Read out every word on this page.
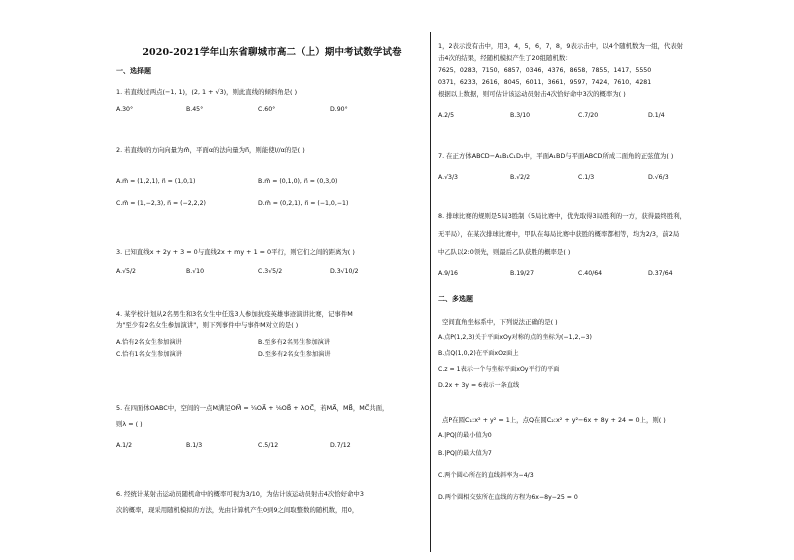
2020-2021学年山东省聊城市高二（上）期中考试数学试卷
一、选择题
1. 若直线过两点(−1, 1)，(2, 1 + √3)，则此直线的倾斜角是( )
A.30°	B.45°	C.60°	D.90°
2. 若直线l的方向向量为m⃗，平面α的法向量为n⃗，则能使l//α的是( )
A.m⃗ = (1,2,1), n⃗ = (1,0,1)	B.m⃗ = (0,1,0), n⃗ = (0,3,0)
C.m⃗ = (1,−2,3), n⃗ = (−2,2,2)	D.m⃗ = (0,2,1), n⃗ = (−1,0,−1)
3. 已知直线x + 2y + 3 = 0与直线2x + my + 1 = 0平行，则它们之间的距离为( )
A.√5/2	B.√10	C.3√5/2	D.3√10/2
4. 某学校计划从2名男生和3名女生中任选3人参加抗疫英雄事迹演讲比赛，记事件M
为"至少有2名女生参加演讲"，则下列事件中与事件M对立的是( )
A.恰有2名女生参加演讲	B.至多有2名男生参加演讲
C.恰有1名女生参加演讲	D.至多有2名女生参加演讲
5. 在四面体OABC中，空间的一点M满足OM⃗ = ¼OA⃗ + ⅙OB⃗ + λOC⃗，若MA⃗，MB⃗，MC⃗共面，
则λ = ( )
A.1/2	B.1/3	C.5/12	D.7/12
6. 经统计某射击运动员随机命中的概率可视为3/10，为估计该运动员射击4次恰好命中3
次的概率，现采用随机模拟的方法，先由计算机产生0到9之间取整数的随机数，用0，
1，2表示没有击中，用3，4，5，6，7，8，9表示击中，以4个随机数为一组，代表射
击4次的结果，经随机模拟产生了20组随机数：
7625，0283，7150，6857，0346，4376，8658，7855，1417，5550
0371，6233，2616，8045，6011，3661，9597，7424，7610，4281
根据以上数据，则可估计该运动员射击4次恰好命中3次的概率为( )
A.2/5	B.3/10	C.7/20	D.1/4
7. 在正方体ABCD−A₁B₁C₁D₁中，平面A₁BD与平面ABCD所成二面角的正弦值为( )
A.√3/3	B.√2/2	C.1/3	D.√6/3
8. 排球比赛的规则是5局3胜制（5局比赛中，优先取得3局胜利的一方，获得最终胜利，
无平局），在某次排球比赛中，甲队在每局比赛中获胜的概率都相等，均为2/3，前2局
中乙队以2:0领先，则最后乙队获胜的概率是( )
A.9/16	B.19/27	C.40/64	D.37/64
二、多选题
空间直角坐标系中，下列说法正确的是( )
A.点P(1,2,3)关于平面xOy对称的点的坐标为(−1,2,−3)
B.点Q(1,0,2)在平面xOz面上
C.z = 1表示一个与坐标平面xOy平行的平面
D.2x + 3y = 6表示一条直线
点P在圆C₁:x² + y² = 1上，点Q在圆C₂:x² + y²−6x + 8y + 24 = 0上，则( )
A.|PQ|的最小值为0
B.|PQ|的最大值为7
C.两个圆心所在的直线斜率为−4/3
D.两个圆相交弦所在直线的方程为6x−8y−25 = 0
